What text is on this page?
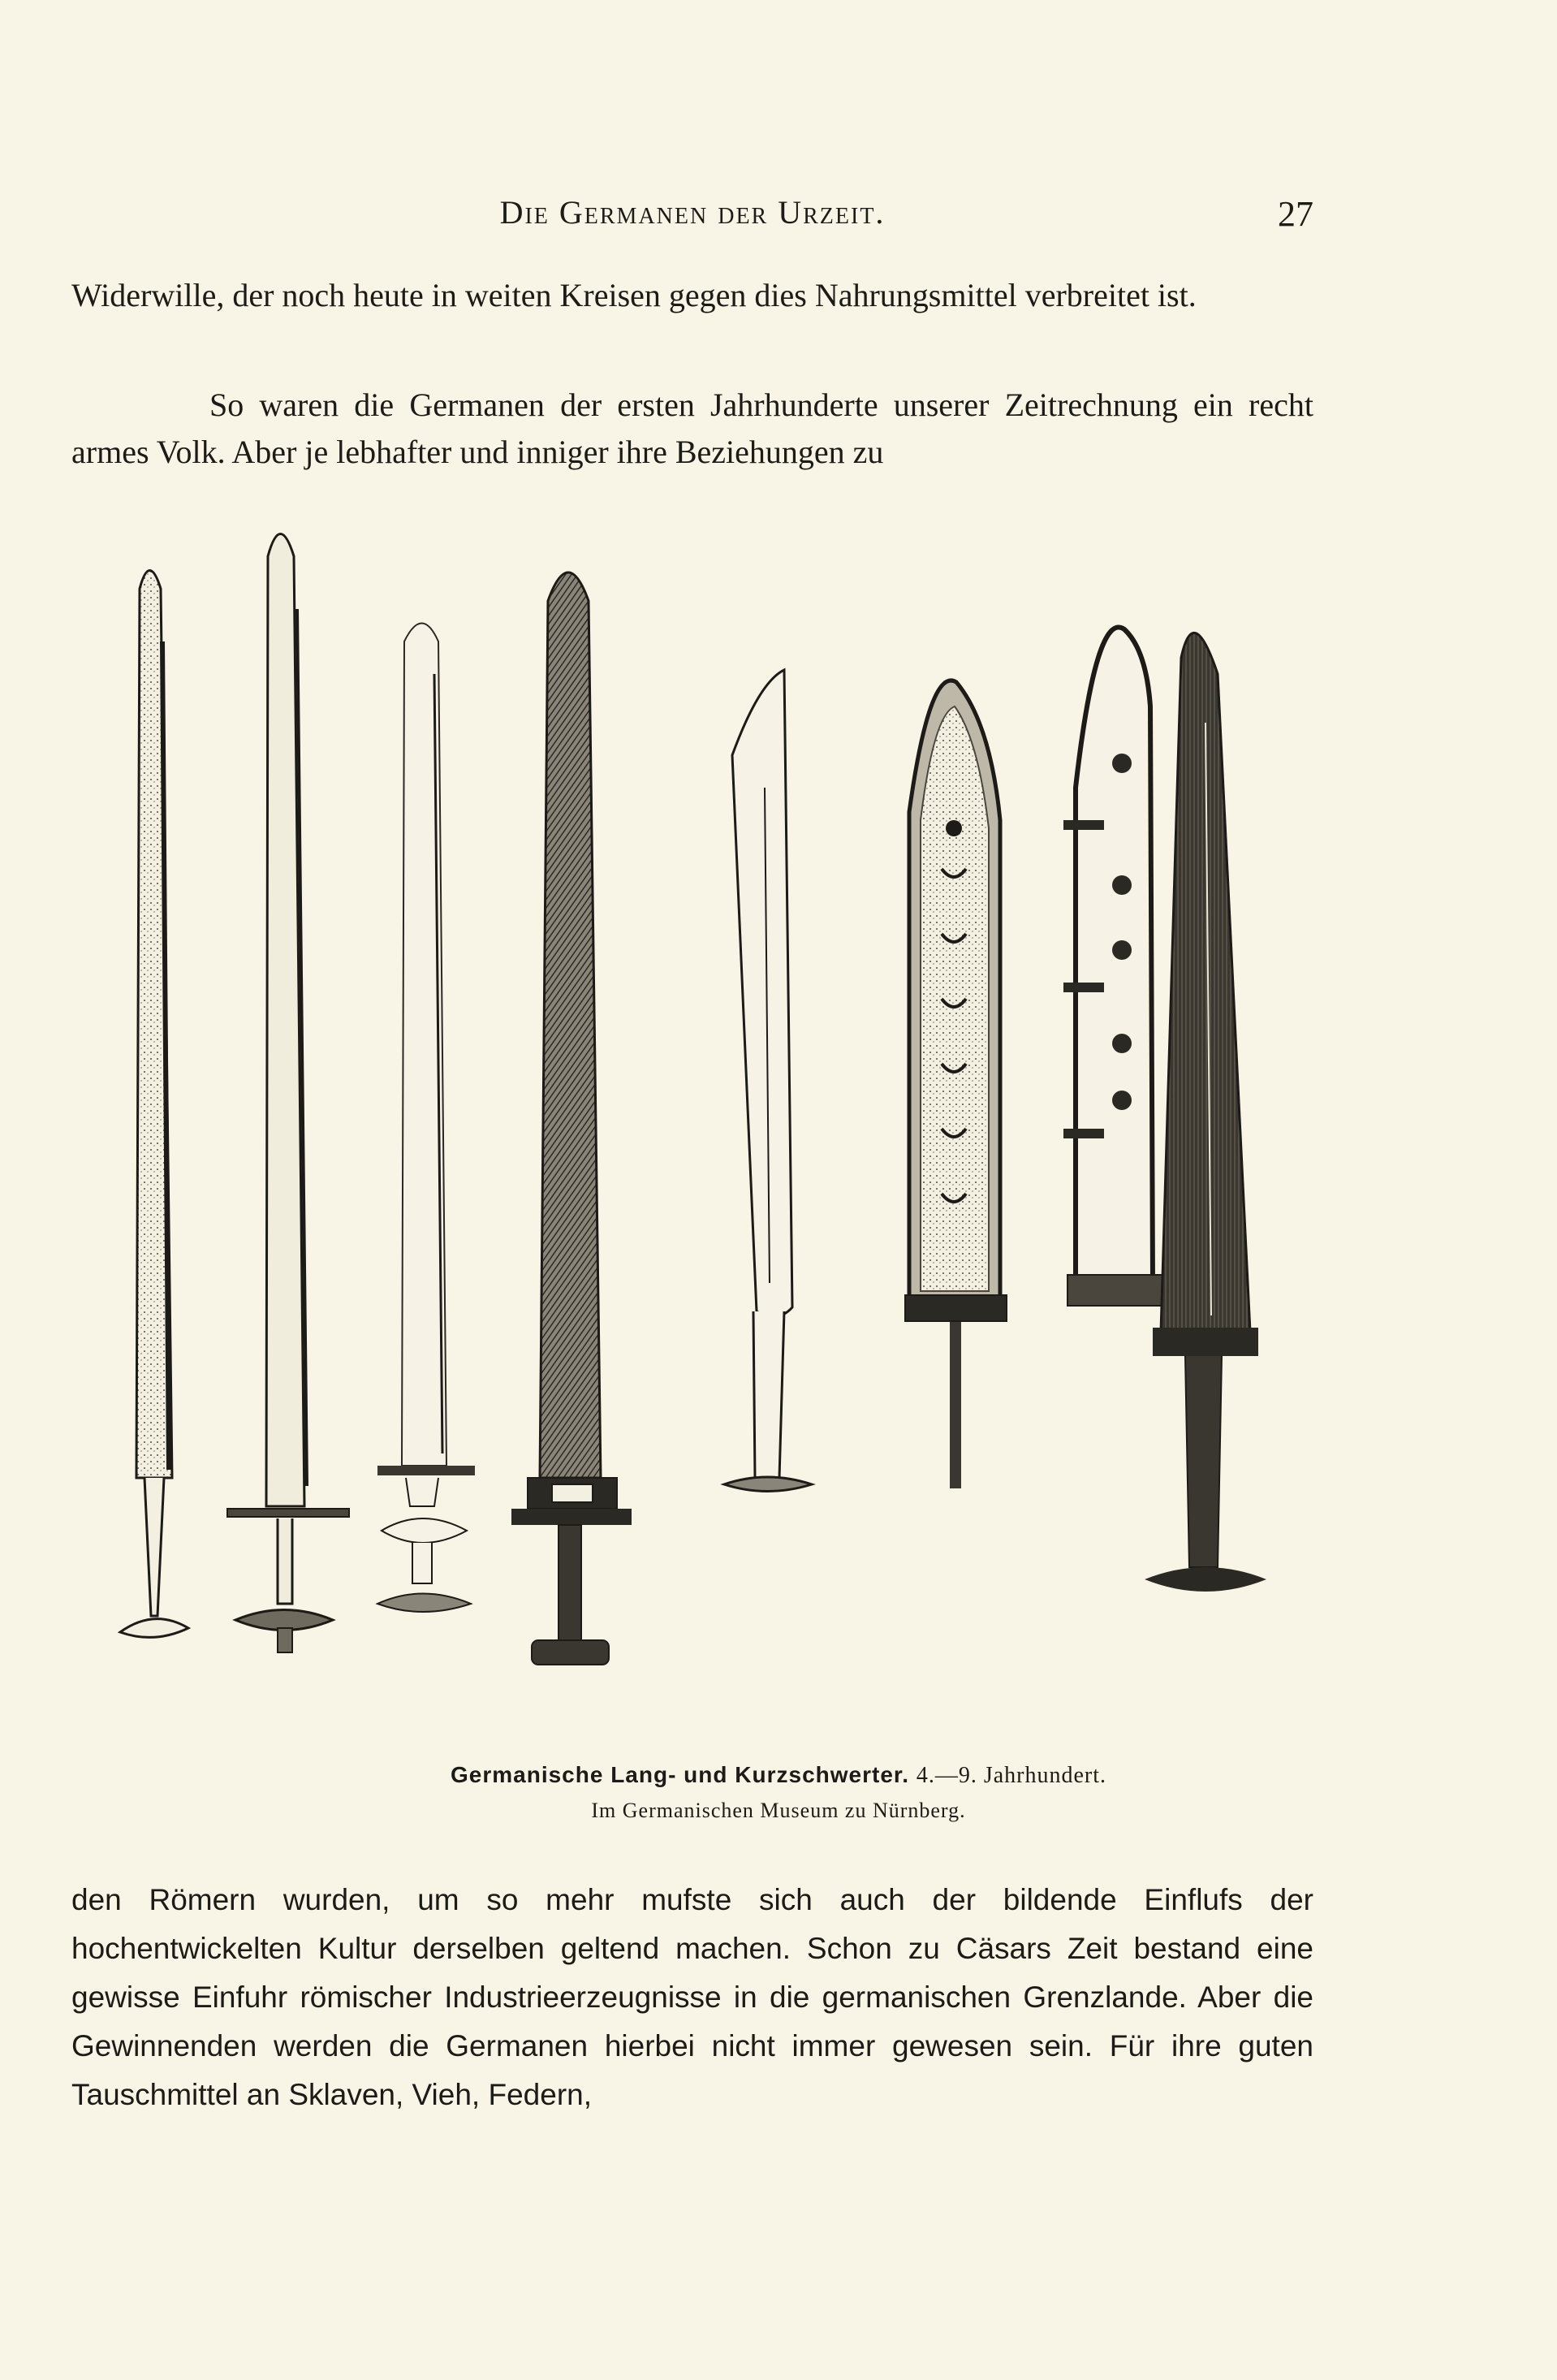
Die Germanen der Urzeit.	27

Widerwille, der noch heute in weiten Kreisen gegen dies Nahrungsmittel verbreitet ist.

So waren die Germanen der ersten Jahrhunderte unserer Zeitrechnung ein recht armes Volk. Aber je lebhafter und inniger ihre Beziehungen zu

Germanische Lang- und Kurzschwerter. 4.—9. Jahrhundert.
Im Germanischen Museum zu Nürnberg.

den Römern wurden, um so mehr mufste sich auch der bildende Einflufs der hochentwickelten Kultur derselben geltend machen. Schon zu Cäsars Zeit bestand eine gewisse Einfuhr römischer Industrieerzeugnisse in die germanischen Grenzlande. Aber die Gewinnenden werden die Germanen hierbei nicht immer gewesen sein. Für ihre guten Tauschmittel an Sklaven, Vieh, Federn,
